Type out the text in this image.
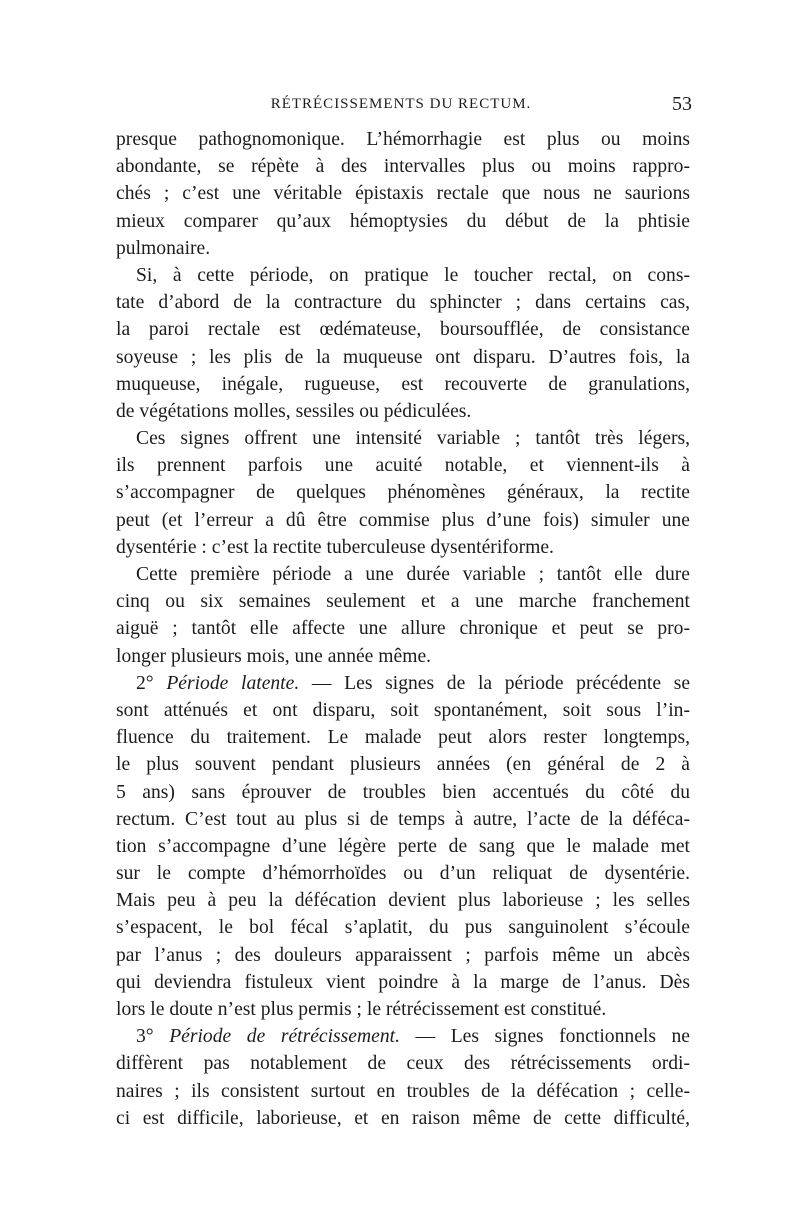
RÉTRÉCISSEMENTS DU RECTUM.	53
presque pathognomonique. L’hémorrhagie est plus ou moins
abondante, se répète à des intervalles plus ou moins rappro-
chés ; c’est une véritable épistaxis rectale que nous ne saurions
mieux comparer qu’aux hémoptysies du début de la phtisie
pulmonaire.
Si, à cette période, on pratique le toucher rectal, on cons-
tate d’abord de la contracture du sphincter ; dans certains cas,
la paroi rectale est œdémateuse, boursoufflée, de consistance
soyeuse ; les plis de la muqueuse ont disparu. D’autres fois, la
muqueuse, inégale, rugueuse, est recouverte de granulations,
de végétations molles, sessiles ou pédiculées.
Ces signes offrent une intensité variable ; tantôt très légers,
ils prennent parfois une acuité notable, et viennent-ils à
s’accompagner de quelques phénomènes généraux, la rectite
peut (et l’erreur a dû être commise plus d’une fois) simuler une
dysentérie : c’est la rectite tuberculeuse dysentériforme.
Cette première période a une durée variable ; tantôt elle dure
cinq ou six semaines seulement et a une marche franchement
aiguë ; tantôt elle affecte une allure chronique et peut se pro-
longer plusieurs mois, une année même.
2° Période latente. — Les signes de la période précédente se
sont atténués et ont disparu, soit spontanément, soit sous l’in-
fluence du traitement. Le malade peut alors rester longtemps,
le plus souvent pendant plusieurs années (en général de 2 à
5 ans) sans éprouver de troubles bien accentués du côté du
rectum. C’est tout au plus si de temps à autre, l’acte de la déféca-
tion s’accompagne d’une légère perte de sang que le malade met
sur le compte d’hémorrhoïdes ou d’un reliquat de dysentérie.
Mais peu à peu la défécation devient plus laborieuse ; les selles
s’espacent, le bol fécal s’aplatit, du pus sanguinolent s’écoule
par l’anus ; des douleurs apparaissent ; parfois même un abcès
qui deviendra fistuleux vient poindre à la marge de l’anus. Dès
lors le doute n’est plus permis ; le rétrécissement est constitué.
3° Période de rétrécissement. — Les signes fonctionnels ne
diffèrent pas notablement de ceux des rétrécissements ordi-
naires ; ils consistent surtout en troubles de la défécation ; celle-
ci est difficile, laborieuse, et en raison même de cette difficulté,
